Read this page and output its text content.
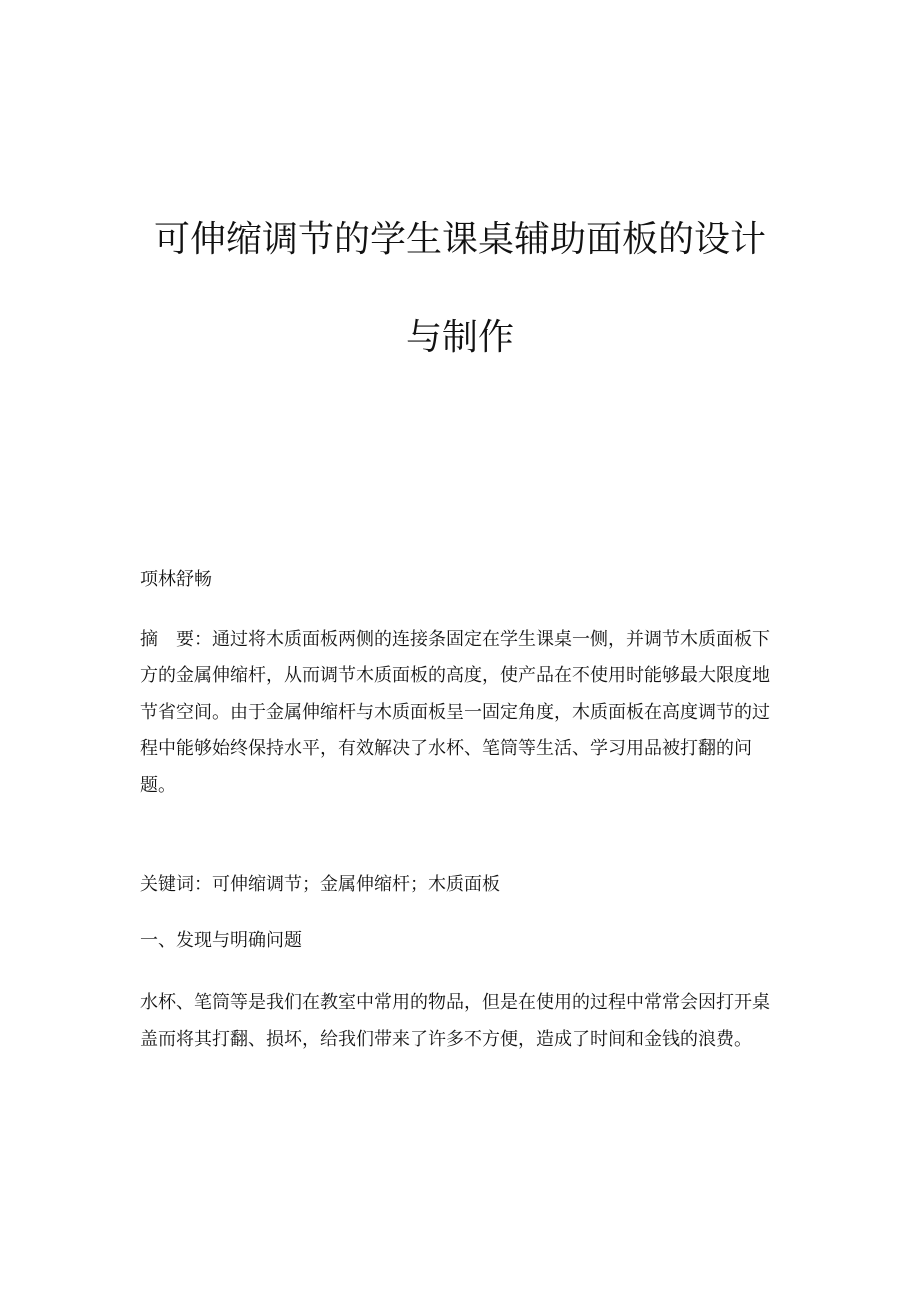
可伸缩调节的学生课桌辅助面板的设计
与制作

项林舒畅

摘 要：通过将木质面板两侧的连接条固定在学生课桌一侧，并调节木质面板下方的金属伸缩杆，从而调节木质面板的高度，使产品在不使用时能够最大限度地节省空间。由于金属伸缩杆与木质面板呈一固定角度，木质面板在高度调节的过程中能够始终保持水平，有效解决了水杯、笔筒等生活、学习用品被打翻的问题。

关键词：可伸缩调节；金属伸缩杆；木质面板

一、发现与明确问题

水杯、笔筒等是我们在教室中常用的物品，但是在使用的过程中常常会因打开桌盖而将其打翻、损坏，给我们带来了许多不方便，造成了时间和金钱的浪费。
